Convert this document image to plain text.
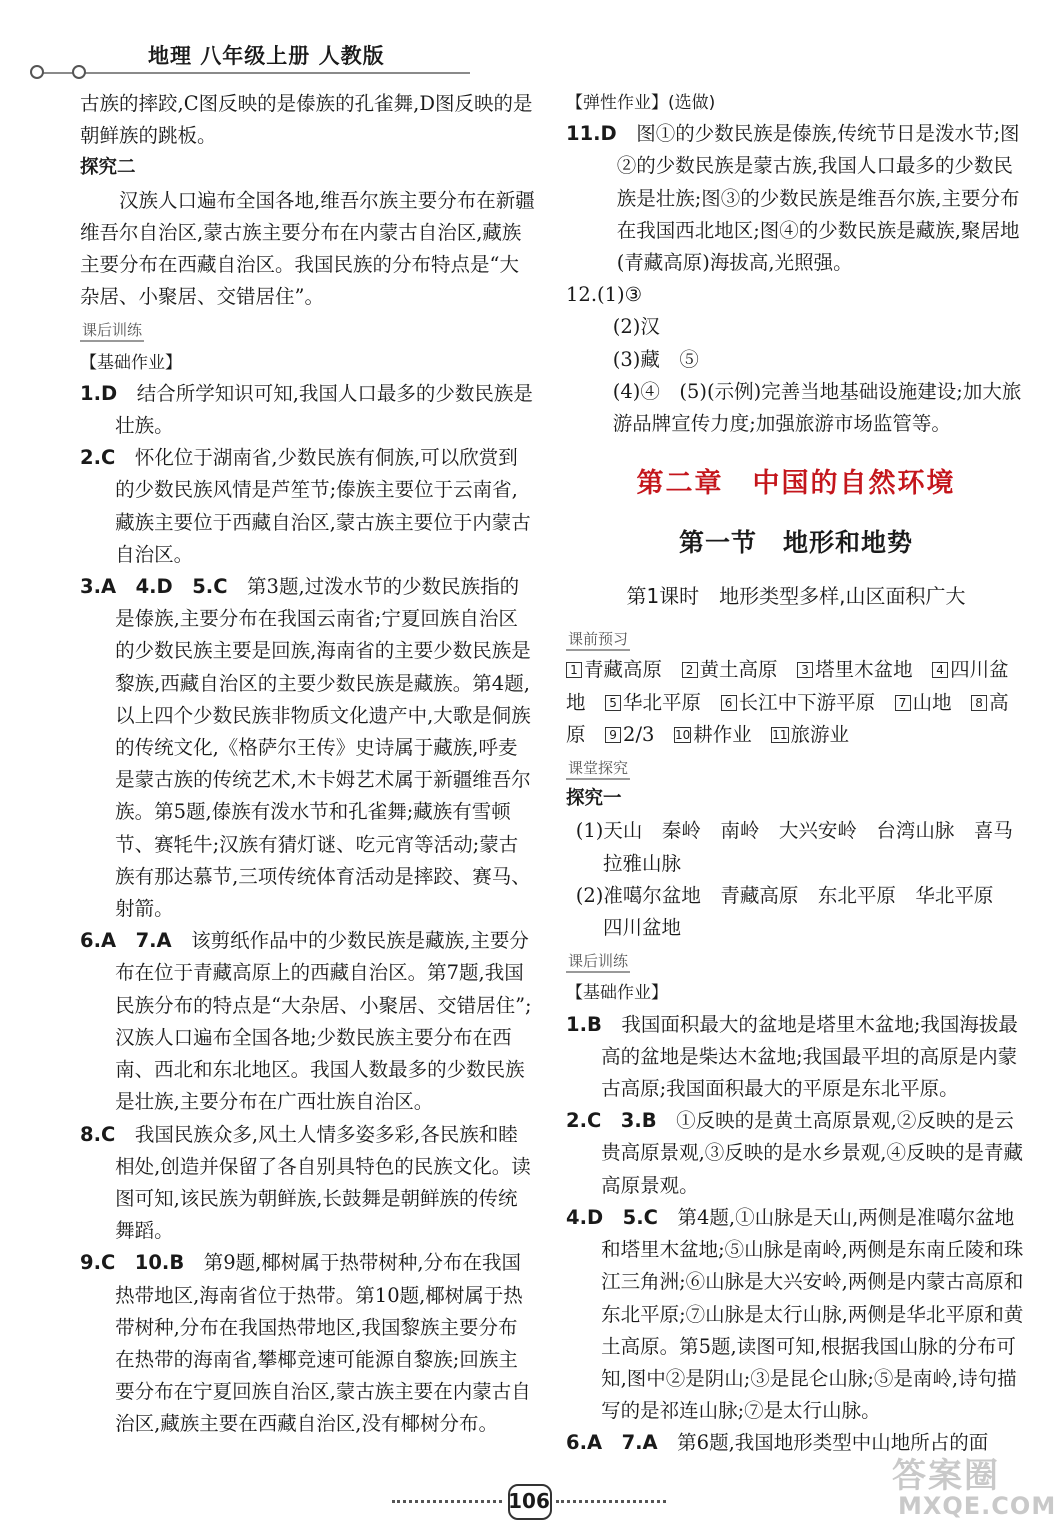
地理 八年级上册 人教版

古族的摔跤,C图反映的是傣族的孔雀舞,D图反映的是朝鲜族的跳板。

探究二

汉族人口遍布全国各地,维吾尔族主要分布在新疆维吾尔自治区,蒙古族主要分布在内蒙古自治区,藏族主要分布在西藏自治区。我国民族的分布特点是“大杂居、小聚居、交错居住”。

课后训练
【基础作业】

1.D　 结合所学知识可知,我国人口最多的少数民族是壮族。

2.C　 怀化位于湖南省,少数民族有侗族,可以欣赏到的少数民族风情是芦笙节;傣族主要位于云南省,藏族主要位于西藏自治区,蒙古族主要位于内蒙古自治区。

3.A　4.D　5.C　 第3题,过泼水节的少数民族指的是傣族,主要分布在我国云南省;宁夏回族自治区的少数民族主要是回族,海南省的主要少数民族是黎族,西藏自治区的主要少数民族是藏族。第4题,以上四个少数民族非物质文化遗产中,大歌是侗族的传统文化,《格萨尔王传》史诗属于藏族,呼麦是蒙古族的传统艺术,木卡姆艺术属于新疆维吾尔族。第5题,傣族有泼水节和孔雀舞;藏族有雪顿节、赛牦牛;汉族有猜灯谜、吃元宵等活动;蒙古族有那达慕节,三项传统体育活动是摔跤、赛马、射箭。

6.A　7.A　 该剪纸作品中的少数民族是藏族,主要分布在位于青藏高原上的西藏自治区。第7题,我国民族分布的特点是“大杂居、小聚居、交错居住”;汉族人口遍布全国各地;少数民族主要分布在西南、西北和东北地区。我国人数最多的少数民族是壮族,主要分布在广西壮族自治区。

8.C　 我国民族众多,风土人情多姿多彩,各民族和睦相处,创造并保留了各自别具特色的民族文化。读图可知,该民族为朝鲜族,长鼓舞是朝鲜族的传统舞蹈。

9.C　10.B　 第9题,椰树属于热带树种,分布在我国热带地区,海南省位于热带。第10题,椰树属于热带树种,分布在我国热带地区,我国黎族主要分布在热带的海南省,攀椰竞速可能源自黎族;回族主要分布在宁夏回族自治区,蒙古族主要在内蒙古自治区,藏族主要在西藏自治区,没有椰树分布。

【弹性作业】(选做)

11.D　 图①的少数民族是傣族,传统节日是泼水节;图②的少数民族是蒙古族,我国人口最多的少数民族是壮族;图③的少数民族是维吾尔族,主要分布在我国西北地区;图④的少数民族是藏族,聚居地(青藏高原)海拔高,光照强。

12.(1)③

(2)汉

(3)藏　⑤

(4)④　(5)(示例)完善当地基础设施建设;加大旅游品牌宣传力度;加强旅游市场监管等。

第二章　中国的自然环境
第一节　地形和地势
第1课时　地形类型多样,山区面积广大
课前预习

1 青藏高原　 2 黄土高原　 3 塔里木盆地　 4 四川盆地　 5 华北平原　 6 长江中下游平原　 7 山地　 8 高原　 9 2/3　 10 耕作业　 11 旅游业

课堂探究

探究一

(1)天山　秦岭　南岭　大兴安岭　台湾山脉　喜马拉雅山脉

(2)准噶尔盆地　青藏高原　东北平原　华北平原　四川盆地

课后训练
【基础作业】

1.B　 我国面积最大的盆地是塔里木盆地;我国海拔最高的盆地是柴达木盆地;我国最平坦的高原是内蒙古高原;我国面积最大的平原是东北平原。

2.C　3.B　 ①反映的是黄土高原景观,②反映的是云贵高原景观,③反映的是水乡景观,④反映的是青藏高原景观。

4.D　5.C　 第4题,①山脉是天山,两侧是准噶尔盆地和塔里木盆地;⑤山脉是南岭,两侧是东南丘陵和珠江三角洲;⑥山脉是大兴安岭,两侧是内蒙古高原和东北平原;⑦山脉是太行山脉,两侧是华北平原和黄土高原。第5题,读图可知,根据我国山脉的分布可知,图中②是阴山;③是昆仑山脉;⑤是南岭,诗句描写的是祁连山脉;⑦是太行山脉。

6.A　7.A　 第6题,我国地形类型中山地所占的面

106
答案圈
MXQE.COM
